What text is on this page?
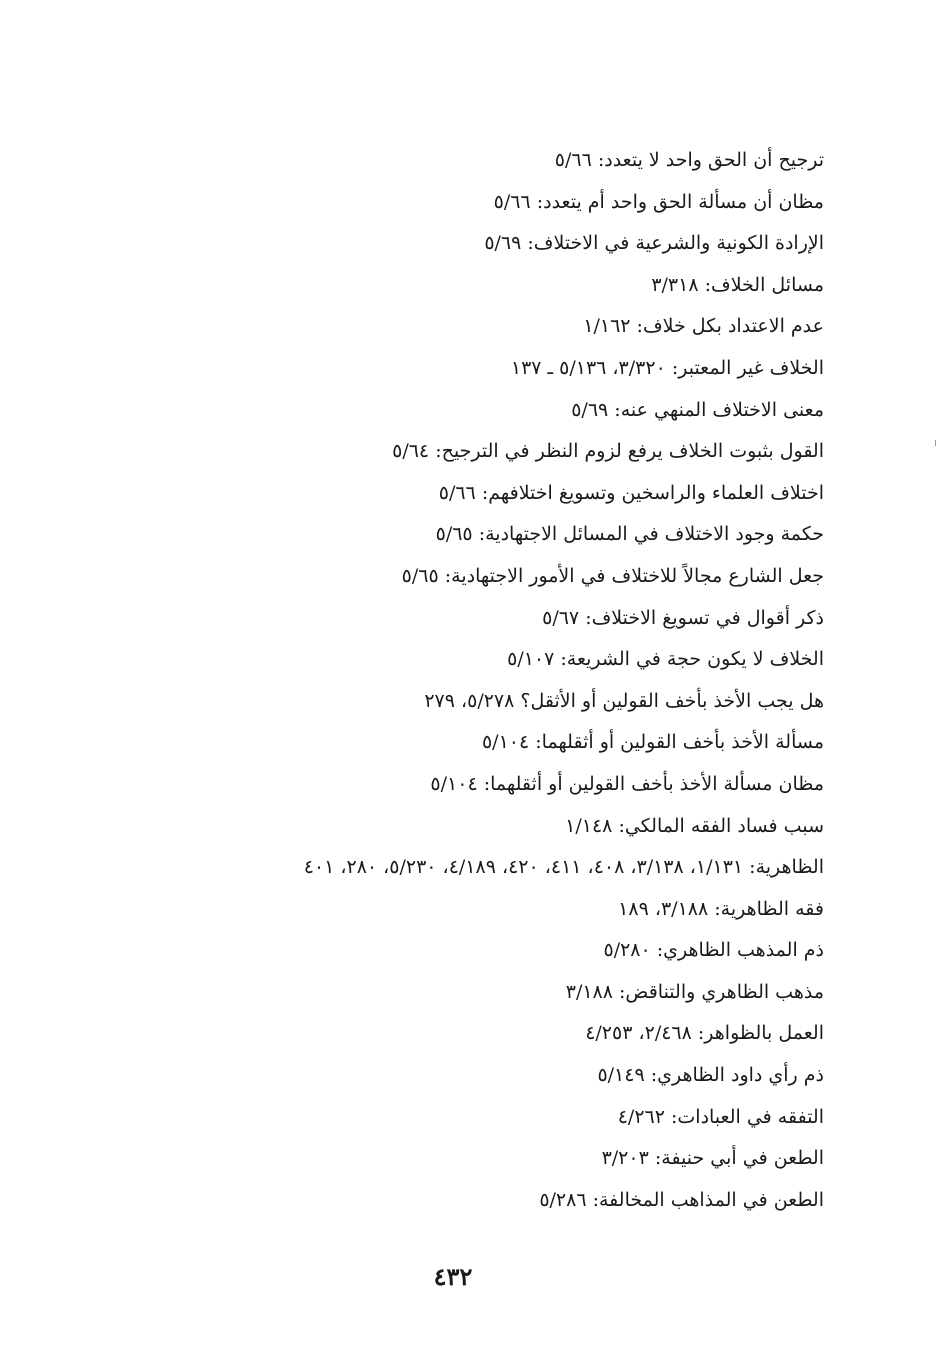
ترجيح أن الحق واحد لا يتعدد: ٥/٦٦
مظان أن مسألة الحق واحد أم يتعدد: ٥/٦٦
الإرادة الكونية والشرعية في الاختلاف: ٥/٦٩
مسائل الخلاف: ٣/٣١٨
عدم الاعتداد بكل خلاف: ١/١٦٢
الخلاف غير المعتبر: ٣/٣٢٠، ٥/١٣٦ ـ ١٣٧
معنى الاختلاف المنهي عنه: ٥/٦٩
القول بثبوت الخلاف يرفع لزوم النظر في الترجيح: ٥/٦٤
اختلاف العلماء والراسخين وتسويغ اختلافهم: ٥/٦٦
حكمة وجود الاختلاف في المسائل الاجتهادية: ٥/٦٥
جعل الشارع مجالاً للاختلاف في الأمور الاجتهادية: ٥/٦٥
ذكر أقوال في تسويغ الاختلاف: ٥/٦٧
الخلاف لا يكون حجة في الشريعة: ٥/١٠٧
هل يجب الأخذ بأخف القولين أو الأثقل؟ ٥/٢٧٨، ٢٧٩
مسألة الأخذ بأخف القولين أو أثقلهما: ٥/١٠٤
مظان مسألة الأخذ بأخف القولين أو أثقلهما: ٥/١٠٤
سبب فساد الفقه المالكي: ١/١٤٨
الظاهرية: ١/١٣١، ٣/١٣٨، ٤٠٨، ٤١١، ٤٢٠، ٤/١٨٩، ٥/٢٣٠، ٢٨٠، ٤٠١
فقه الظاهرية: ٣/١٨٨، ١٨٩
ذم المذهب الظاهري: ٥/٢٨٠
مذهب الظاهري والتناقض: ٣/١٨٨
العمل بالظواهر: ٢/٤٦٨، ٤/٢٥٣
ذم رأي داود الظاهري: ٥/١٤٩
التفقه في العبادات: ٤/٢٦٢
الطعن في أبي حنيفة: ٣/٢٠٣
الطعن في المذاهب المخالفة: ٥/٢٨٦
٤٣٢
